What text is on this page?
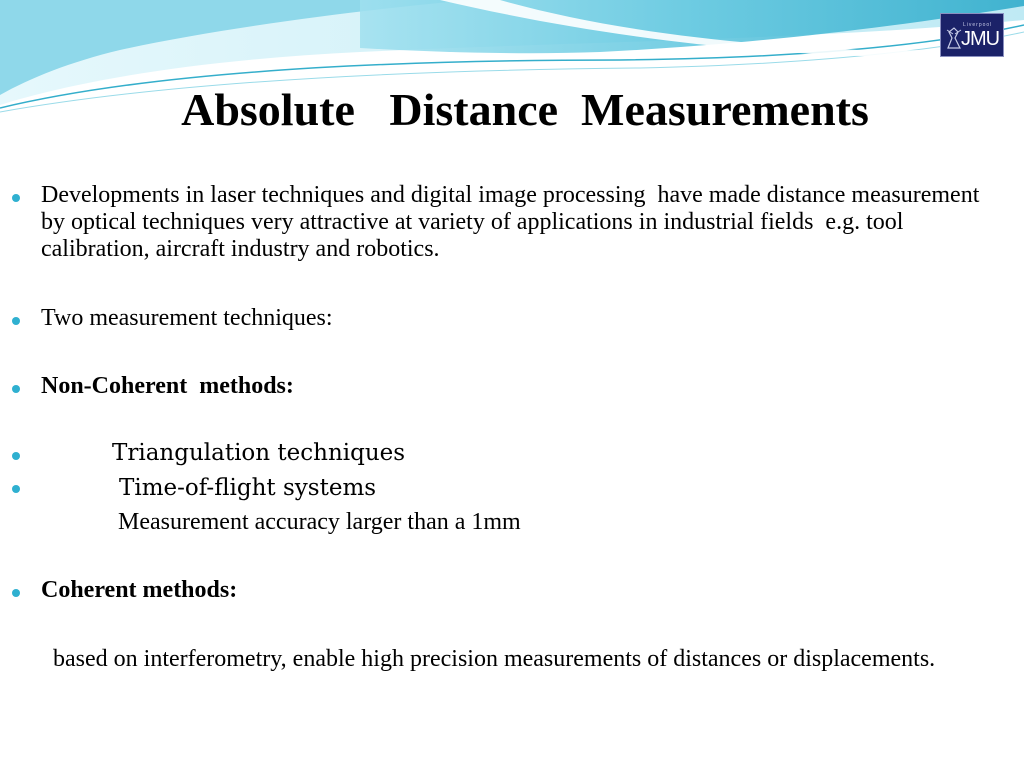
Liverpool
JMU
Absolute   Distance  Measurements
Developments in laser techniques and digital image processing  have made distance measurement by optical techniques very attractive at variety of applications in industrial fields  e.g. tool calibration, aircraft industry and robotics.
Two measurement techniques:
Non-Coherent  methods:
Triangulation techniques
Time-of-flight systems
Measurement accuracy larger than a 1mm
Coherent methods:
based on interferometry, enable high precision measurements of distances or displacements.
